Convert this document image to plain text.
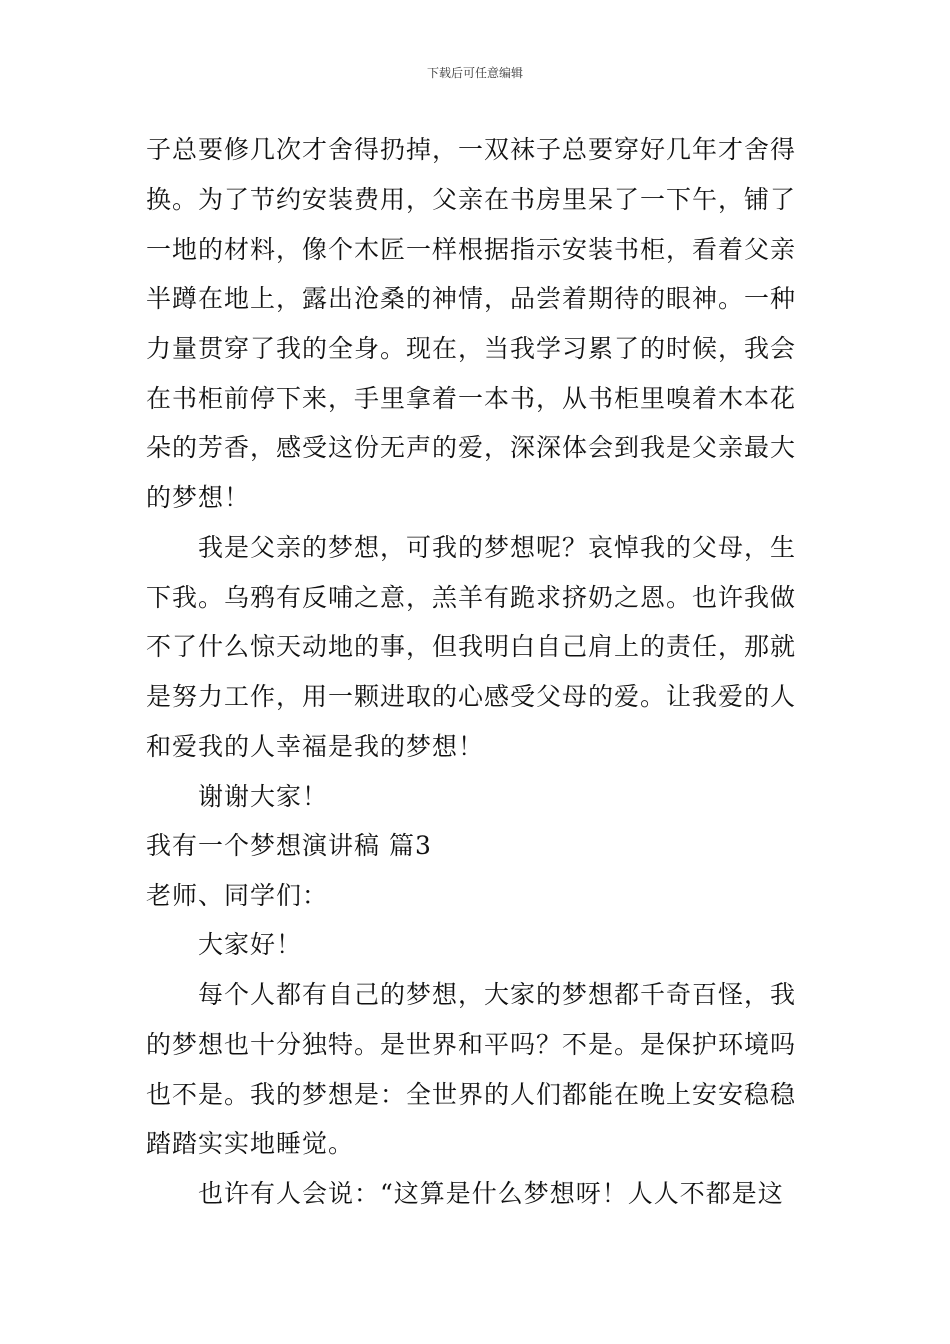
下载后可任意编辑
子总要修几次才舍得扔掉，一双袜子总要穿好几年才舍得
换。为了节约安装费用，父亲在书房里呆了一下午，铺了
一地的材料，像个木匠一样根据指示安装书柜，看着父亲
半蹲在地上，露出沧桑的神情，品尝着期待的眼神。一种
力量贯穿了我的全身。现在，当我学习累了的时候，我会
在书柜前停下来，手里拿着一本书，从书柜里嗅着木本花
朵的芳香，感受这份无声的爱，深深体会到我是父亲最大
的梦想！
我是父亲的梦想，可我的梦想呢？哀悼我的父母，生
下我。乌鸦有反哺之意，羔羊有跪求挤奶之恩。也许我做
不了什么惊天动地的事，但我明白自己肩上的责任，那就
是努力工作，用一颗进取的心感受父母的爱。让我爱的人
和爱我的人幸福是我的梦想！
谢谢大家！
我有一个梦想演讲稿 篇3
老师、同学们：
大家好！
每个人都有自己的梦想，大家的梦想都千奇百怪，我
的梦想也十分独特。是世界和平吗？不是。是保护环境吗
也不是。我的梦想是：全世界的人们都能在晚上安安稳稳
踏踏实实地睡觉。
也许有人会说：“这算是什么梦想呀！人人不都是这
